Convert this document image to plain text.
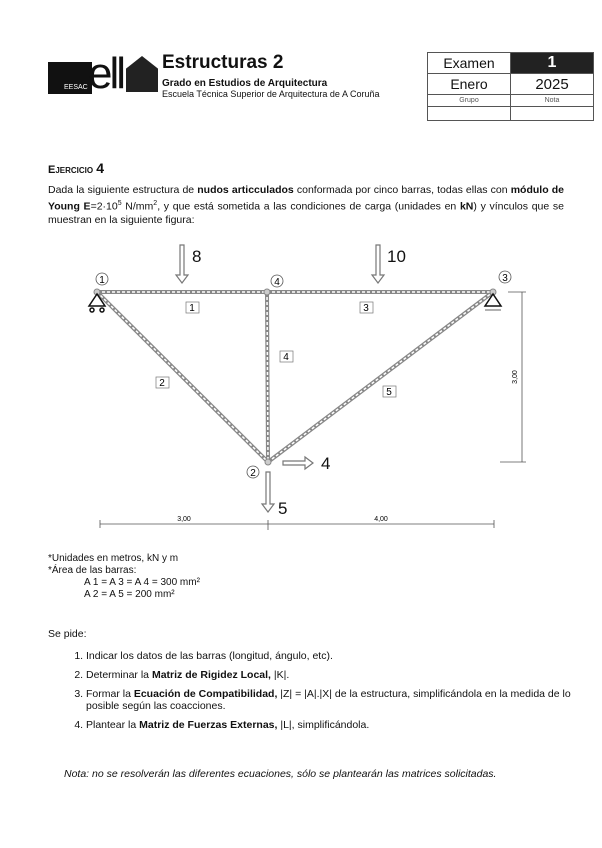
EESAC ell Estructuras 2
Grado en Estudios de Arquitectura
Escuela Técnica Superior de Arquitectura de A Coruña
Examen	1
Enero	2025
Grupo	Nota

Ejercicio 4
Dada la siguiente estructura de nudos articculados conformada por cinco barras, todas ellas con módulo de Young $E=2\cdot 10^5$ $N/mm^2$, y que está sometida a las condiciones de carga (unidades en kN) y vínculos que se muestran en la siguiente figura:
8	10
4
5
1
2
3
4
1
2
3
4
5
3,00	4,00
3,00
*Unidades en metros, kN y m
*Área de las barras:
A 1 = A 3 = A 4 = 300 mm²
A 2 = A 5 = 200 mm²
Se pide:
1. Indicar los datos de las barras (longitud, ángulo, etc).
2. Determinar la Matriz de Rigidez Local, |K|.
3. Formar la Ecuación de Compatibilidad, |Z| = |A|.|X| de la estructura, simplificándola en la medida de lo posible según las coacciones.
4. Plantear la Matriz de Fuerzas Externas, |L|, simplificándola.
Nota: no se resolverán las diferentes ecuaciones, sólo se plantearán las matrices solicitadas.
